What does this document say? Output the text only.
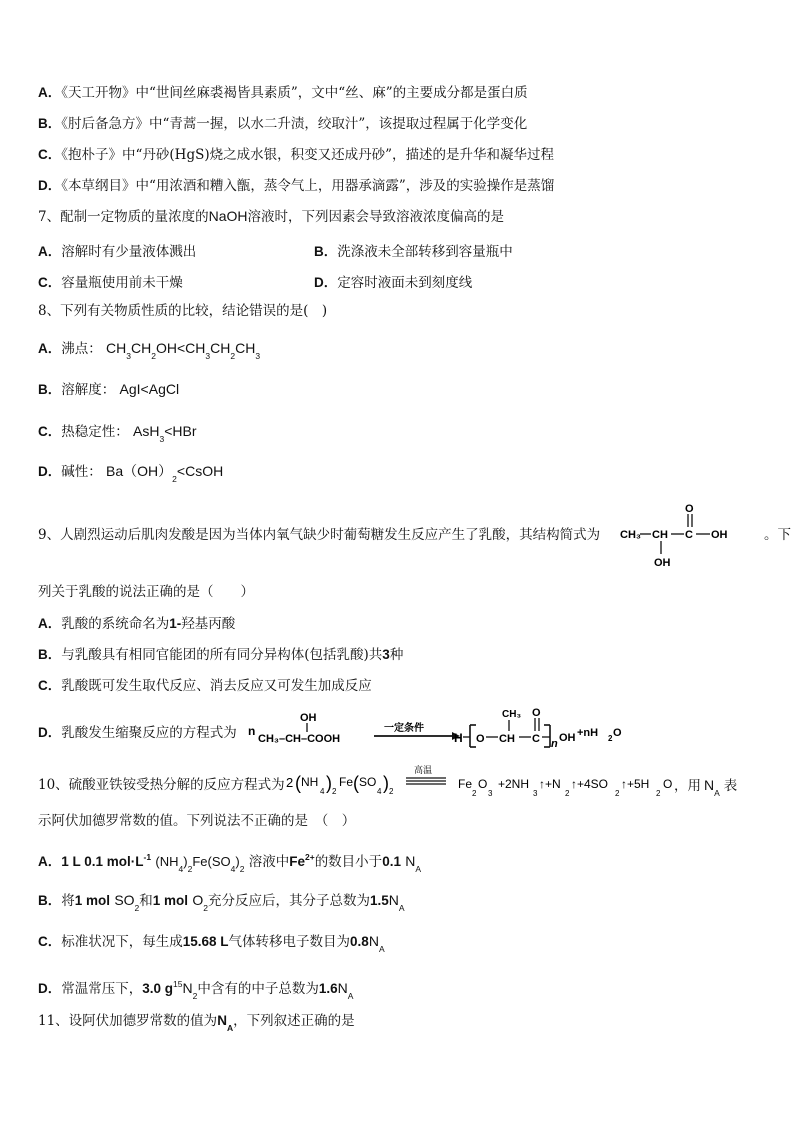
A．《天工开物》中“世间丝麻裘褐皆具素质”，文中“丝、麻”的主要成分都是蛋白质
B．《肘后备急方》中“青蒿一握，以水二升渍，绞取汁”，该提取过程属于化学变化
C．《抱朴子》中“丹砂(HgS)烧之成水银，积变又还成丹砂”，描述的是升华和凝华过程
D．《本草纲目》中“用浓酒和糟入甑，蒸令气上，用器承滴露”，涉及的实验操作是蒸馏
7、配制一定物质的量浓度的NaOH溶液时，下列因素会导致溶液浓度偏高的是
A．溶解时有少量液体溅出	B．洗涤液未全部转移到容量瓶中
C．容量瓶使用前未干燥	D．定容时液面未到刻度线
8、下列有关物质性质的比较，结论错误的是(　)
A．沸点： $CH_3CH_2OH<CH_3CH_2CH_3$
B．溶解度： AgI<AgCl
C．热稳定性： AsH$_3$<HBr
D．碱性： $Ba(OH)_2<CsOH$
9、人剧烈运动后肌肉发酸是因为当体内氧气缺少时葡萄糖发生反应产生了乳酸，其结构简式为 CH₃ CH
OH
C
O
OH	。下
列关于乳酸的说法正确的是（　　）
A．乳酸的系统命名为1-羟基丙酸
B．与乳酸具有相同官能团的所有同分异构体(包括乳酸)共3种
C．乳酸既可发生取代反应、消去反应又可发生加成反应
D．乳酸发生缩聚反应的方程式为 n
CH₃–CH–COOH
OH
一定条件
H O CH
CH₃
C
O
n OH +nH 2 O
10、硫酸亚铁铵受热分解的反应方程式为 2 ( NH
4 ) 2
Fe ( SO
4 ) 2
高温
Fe
2
O
3
+2NH
3
↑+N
2
↑+4SO
2
↑+5H
2
O ，用 $N_A$ 表
示阿伏加德罗常数的值。下列说法不正确的是　（　）
A．1 L 0.1 $mol\cdot L^{-1}$ $(NH_4)_2Fe(SO_4)_2$ 溶液中$Fe^{2+}$的数目小于0.1 $N_A$
B．将1 mol $SO_2$和1 mol $O_2$充分反应后，其分子总数为$1.5N_A$
C．标准状况下，每生成15.68 L气体转移电子数目为$0.8N_A$
D．常温常压下，3.0 $g^{15}N_2$中含有的中子总数为$1.6N_A$
11、设阿伏加德罗常数的值为$N_A$，下列叙述正确的是
